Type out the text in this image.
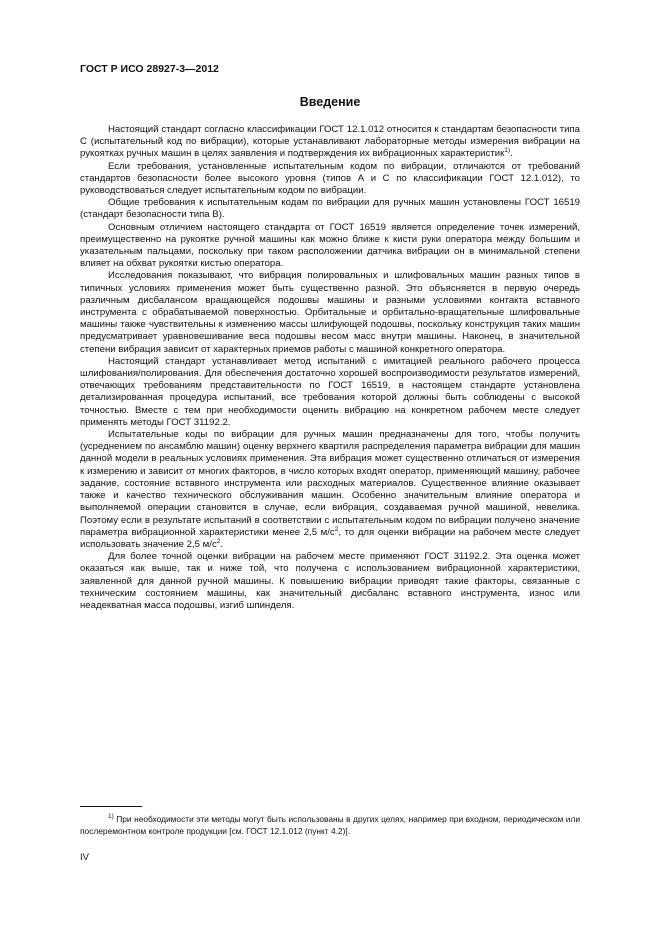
ГОСТ Р ИСО 28927-3—2012
Введение

Настоящий стандарт согласно классификации ГОСТ 12.1.012 относится к стандартам безопасности типа С (испытательный код по вибрации), которые устанавливают лабораторные методы измерения вибрации на рукоятках ручных машин в целях заявления и подтверждения их вибрационных характеристик$^{1)}$.

Если требования, установленные испытательным кодом по вибрации, отличаются от требований стандартов безопасности более высокого уровня (типов А и С по классификации ГОСТ 12.1.012), то руководствоваться следует испытательным кодом по вибрации.

Общие требования к испытательным кодам по вибрации для ручных машин установлены ГОСТ 16519 (стандарт безопасности типа В).

Основным отличием настоящего стандарта от ГОСТ 16519 является определение точек измерений, преимущественно на рукоятке ручной машины как можно ближе к кисти руки оператора между большим и указательным пальцами, поскольку при таком расположении датчика вибрации он в минимальной степени влияет на обхват рукоятки кистью оператора.

Исследования показывают, что вибрация полировальных и шлифовальных машин разных типов в типичных условиях применения может быть существенно разной. Это объясняется в первую очередь различным дисбалансом вращающейся подошвы машины и разными условиями контакта вставного инструмента с обрабатываемой поверхностью. Орбитальные и орбитально-вращательные шлифовальные машины также чувствительны к изменению массы шлифующей подошвы, поскольку конструкция таких машин предусматривает уравновешивание веса подошвы весом масс внутри машины. Наконец, в значительной степени вибрация зависит от характерных приемов работы с машиной конкретного оператора.

Настоящий стандарт устанавливает метод испытаний с имитацией реального рабочего процесса шлифования/полирования. Для обеспечения достаточно хорошей воспроизводимости результатов измерений, отвечающих требованиям представительности по ГОСТ 16519, в настоящем стандарте установлена детализированная процедура испытаний, все требования которой должны быть соблюдены с высокой точностью. Вместе с тем при необходимости оценить вибрацию на конкретном рабочем месте следует применять методы ГОСТ 31192.2.

Испытательные коды по вибрации для ручных машин предназначены для того, чтобы получить (усреднением по ансамблю машин) оценку верхнего квартиля распределения параметра вибрации для машин данной модели в реальных условиях применения. Эта вибрация может существенно отличаться от измерения к измерению и зависит от многих факторов, в число которых входят оператор, применяющий машину, рабочее задание, состояние вставного инструмента или расходных материалов. Существенное влияние оказывает также и качество технического обслуживания машин. Особенно значительным влияние оператора и выполняемой операции становится в случае, если вибрация, создаваемая ручной машиной, невелика. Поэтому если в результате испытаний в соответствии с испытательным кодом по вибрации получено значение параметра вибрационной характеристики менее 2,5 $м/с^2$, то для оценки вибрации на рабочем месте следует использовать значение 2,5 $м/с^2$.

Для более точной оценки вибрации на рабочем месте применяют ГОСТ 31192.2. Эта оценка может оказаться как выше, так и ниже той, что получена с использованием вибрационной характеристики, заявленной для данной ручной машины. К повышению вибрации приводят такие факторы, связанные с техническим состоянием машины, как значительный дисбаланс вставного инструмента, износ или неадекватная масса подошвы, изгиб шпинделя.

$^{1)}$ При необходимости эти методы могут быть использованы в других целях, например при входном, периодическом или послеремонтном контроле продукции [см. ГОСТ 12.1.012 (пункт 4.2)].
IV
